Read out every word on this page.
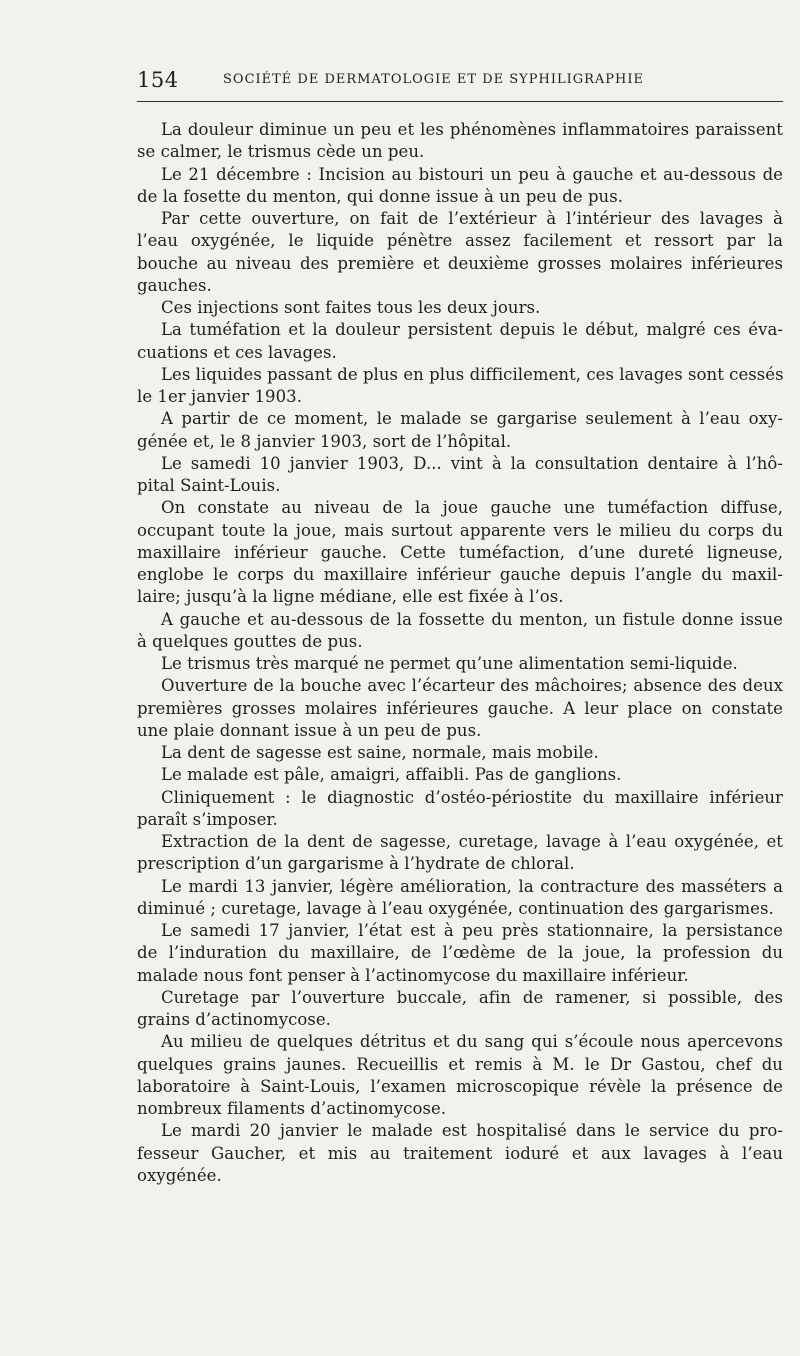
154	SOCIÉTÉ DE DERMATOLOGIE ET DE SYPHILIGRAPHIE
La douleur diminue un peu et les phénomènes inflammatoires paraissent
se calmer, le trismus cède un peu.
Le 21 décembre : Incision au bistouri un peu à gauche et au-dessous de
de la fosette du menton, qui donne issue à un peu de pus.
Par cette ouverture, on fait de l’extérieur à l’intérieur des lavages à
l’eau oxygénée, le liquide pénètre assez facilement et ressort par la
bouche au niveau des première et deuxième grosses molaires inférieures
gauches.
Ces injections sont faites tous les deux jours.
La tuméfation et la douleur persistent depuis le début, malgré ces éva-
cuations et ces lavages.
Les liquides passant de plus en plus difficilement, ces lavages sont cessés
le 1er janvier 1903.
A partir de ce moment, le malade se gargarise seulement à l’eau oxy-
génée et, le 8 janvier 1903, sort de l’hôpital.
Le samedi 10 janvier 1903, D... vint à la consultation dentaire à l’hô-
pital Saint-Louis.
On constate au niveau de la joue gauche une tuméfaction diffuse,
occupant toute la joue, mais surtout apparente vers le milieu du corps du
maxillaire inférieur gauche. Cette tuméfaction, d’une dureté ligneuse,
englobe le corps du maxillaire inférieur gauche depuis l’angle du maxil-
laire; jusqu’à la ligne médiane, elle est fixée à l’os.
A gauche et au-dessous de la fossette du menton, un fistule donne issue
à quelques gouttes de pus.
Le trismus très marqué ne permet qu’une alimentation semi-liquide.
Ouverture de la bouche avec l’écarteur des mâchoires; absence des deux
premières grosses molaires inférieures gauche. A leur place on constate
une plaie donnant issue à un peu de pus.
La dent de sagesse est saine, normale, mais mobile.
Le malade est pâle, amaigri, affaibli. Pas de ganglions.
Cliniquement : le diagnostic d’ostéo-périostite du maxillaire inférieur
paraît s’imposer.
Extraction de la dent de sagesse, curetage, lavage à l’eau oxygénée, et
prescription d’un gargarisme à l’hydrate de chloral.
Le mardi 13 janvier, légère amélioration, la contracture des masséters a
diminué ; curetage, lavage à l’eau oxygénée, continuation des gargarismes.
Le samedi 17 janvier, l’état est à peu près stationnaire, la persistance
de l’induration du maxillaire, de l’œdème de la joue, la profession du
malade nous font penser à l’actinomycose du maxillaire inférieur.
Curetage par l’ouverture buccale, afin de ramener, si possible, des
grains d’actinomycose.
Au milieu de quelques détritus et du sang qui s’écoule nous apercevons
quelques grains jaunes. Recueillis et remis à M. le Dr Gastou, chef du
laboratoire à Saint-Louis, l’examen microscopique révèle la présence de
nombreux filaments d’actinomycose.
Le mardi 20 janvier le malade est hospitalisé dans le service du pro-
fesseur Gaucher, et mis au traitement ioduré et aux lavages à l’eau
oxygénée.
